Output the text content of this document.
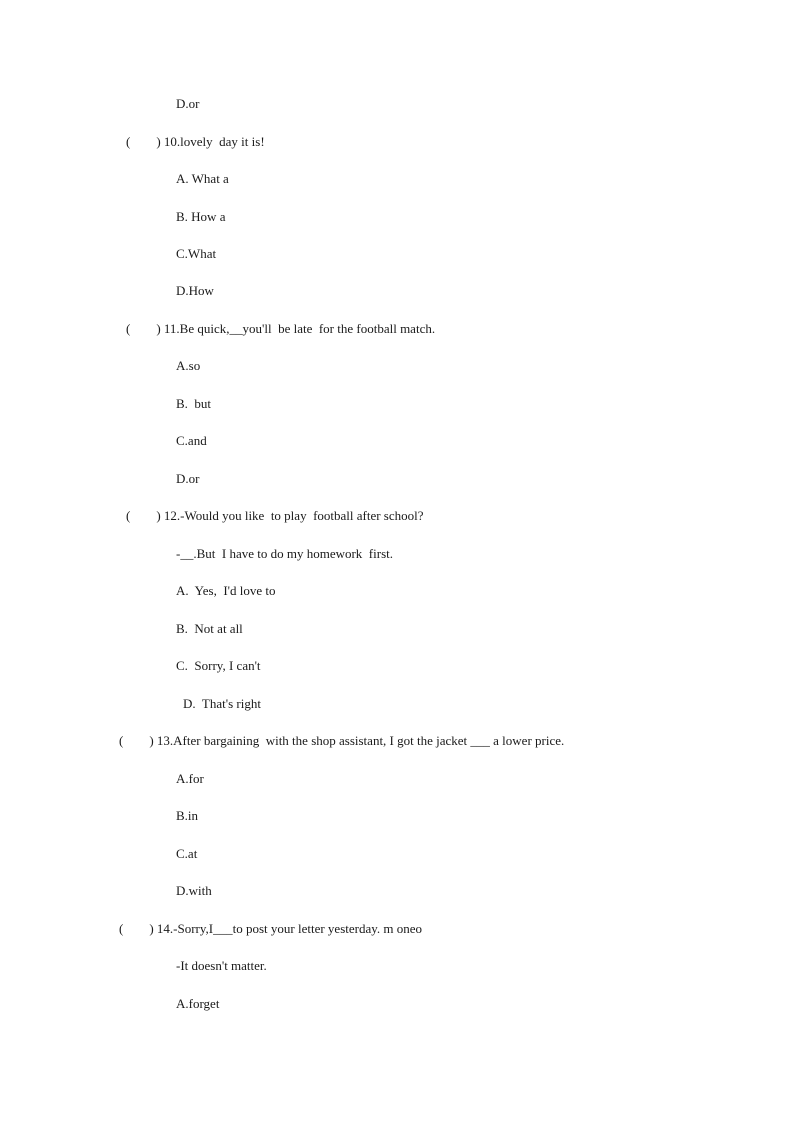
D.or
(        ) 10.lovely  day it is!
A. What a
B. How a
C.What
D.How
(        ) 11.Be quick,__you'll  be late  for the football match.
A.so
B.  but
C.and
D.or
(        ) 12.-Would you like  to play  football after school?
-__.But  I have to do my homework  first.
A.  Yes,  I'd love to
B.  Not at all
C.  Sorry, I can't
D.  That's right
(        ) 13.After bargaining  with the shop assistant, I got the jacket ___ a lower price.
A.for
B.in
C.at
D.with
(        ) 14.-Sorry,I___to post your letter yesterday. m oneo
-It doesn't matter.
A.forget
